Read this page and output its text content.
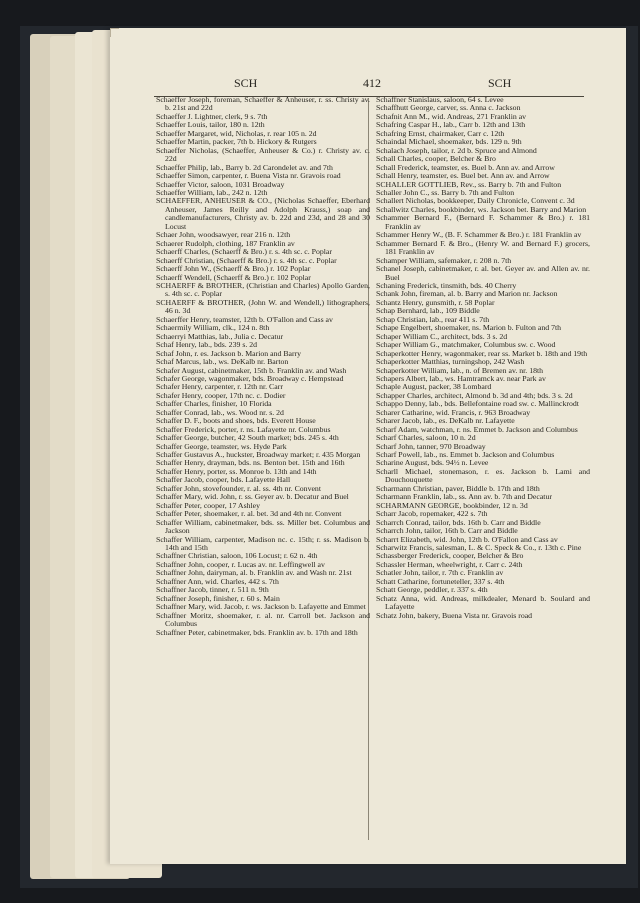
SCH	412	SCH
Schaeffer Joseph, foreman, Schaeffer & Anheuser, r. ss. Christy av. b. 21st and 22d
Schaeffer J. Lightner, clerk, 9 s. 7th
Schaeffer Louis, tailor, 180 n. 12th
Schaeffer Margaret, wid, Nicholas, r. rear 105 n. 2d
Schaeffer Martin, packer, 7th b. Hickory & Rutgers
Schaeffer Nicholas, (Schaeffer, Anheuser & Co.) r. Christy av. c. 22d
Schaeffer Philip, lab., Barry b. 2d Carondelet av. and 7th
Schaeffer Simon, carpenter, r. Buena Vista nr. Gravois road
Schaeffer Victor, saloon, 1031 Broadway
Schaeffer William, lab., 242 n. 12th
SCHAEFFER, ANHEUSER & CO., (Nicholas Schaeffer, Eberhard Anheuser, James Reilly and Adolph Krauss,) soap and candlemanufacturers, Christy av. b. 22d and 23d, and 28 and 30 Locust
Schaer John, woodsawyer, rear 216 n. 12th
Schaerer Rudolph, clothing, 187 Franklin av
Schaerff Charles, (Schaerff & Bro.) r. s. 4th sc. c. Poplar
Schaerff Christian, (Schaerff & Bro.) r. s. 4th sc. c. Poplar
Schaerff John W., (Schaerff & Bro.) r. 102 Poplar
Schaerff Wendell, (Schaerff & Bro.) r. 102 Poplar
SCHAERFF & BROTHER, (Christian and Charles) Apollo Garden, s. 4th sc. c. Poplar
SCHAERFF & BROTHER, (John W. and Wendell,) lithographers, 46 n. 3d
Schaerffer Henry, teamster, 12th b. O'Fallon and Cass av
Schaermily William, clk., 124 n. 8th
Schaerryi Matthias, lab., Julia c. Decatur
Schaf Henry, lab., bds. 239 s. 2d
Schaf John, r. es. Jackson b. Marion and Barry
Schaf Marcus, lab., ws. DeKalb nr. Barton
Schafer August, cabinetmaker, 15th b. Franklin av. and Wash
Schafer George, wagonmaker, bds. Broadway c. Hempstead
Schafer Henry, carpenter, r. 12th nr. Carr
Schafer Henry, cooper, 17th nc. c. Dodier
Schaffer Charles, finisher, 10 Florida
Schaffer Conrad, lab., ws. Wood nr. s. 2d
Schaffer D. F., boots and shoes, bds. Everett House
Schaffer Frederick, porter, r. ns. Lafayette nr. Columbus
Schaffer George, butcher, 42 South market; bds. 245 s. 4th
Schaffer George, teamster, ws. Hyde Park
Schaffer Gustavus A., huckster, Broadway market; r. 435 Morgan
Schaffer Henry, drayman, bds. ns. Benton bet. 15th and 16th
Schaffer Henry, porter, ss. Monroe b. 13th and 14th
Schaffer Jacob, cooper, bds. Lafayette Hall
Schaffer John, stovefounder, r. al. ss. 4th nr. Convent
Schaffer Mary, wid. John, r. ss. Geyer av. b. Decatur and Buel
Schaffer Peter, cooper, 17 Ashley
Schaffer Peter, shoemaker, r. al. bet. 3d and 4th nr. Convent
Schaffer William, cabinetmaker, bds. ss. Miller bet. Columbus and Jackson
Schaffer William, carpenter, Madison nc. c. 15th; r. ss. Madison b. 14th and 15th
Schaffner Christian, saloon, 106 Locust; r. 62 n. 4th
Schaffner John, cooper, r. Lucas av. nr. Leffingwell av
Schaffner John, dairyman, al. b. Franklin av. and Wash nr. 21st
Schaffner Ann, wid. Charles, 442 s. 7th
Schaffner Jacob, tinner, r. 511 n. 9th
Schaffner Joseph, finisher, r. 60 s. Main
Schaffner Mary, wid. Jacob, r. ws. Jackson b. Lafayette and Emmet
Schaffner Moritz, shoemaker, r. al. nr. Carroll bet. Jackson and Columbus
Schaffner Peter, cabinetmaker, bds. Franklin av. b. 17th and 18th
Schaffner Stanislaus, saloon, 64 s. Levee
Schaffhutt George, carver, ss. Anna c. Jackson
Schafnit Ann M., wid. Andreas, 271 Franklin av
Schafring Caspar H., lab., Carr b. 12th and 13th
Schafring Ernst, chairmaker, Carr c. 12th
Schaindal Michael, shoemaker, bds. 129 n. 9th
Schalach Joseph, tailor, r. 2d b. Spruce and Almond
Schall Charles, cooper, Belcher & Bro
Schall Frederick, teamster, es. Buel b. Ann av. and Arrow
Schall Henry, teamster, es. Buel bet. Ann av. and Arrow
SCHALLER GOTTLIEB, Rev., ss. Barry b. 7th and Fulton
Schaller John C., ss. Barry b. 7th and Fulton
Schallert Nicholas, bookkeeper, Daily Chronicle, Convent c. 3d
Schallwitz Charles, bookbinder, ws. Jackson bet. Barry and Marion
Schammer Bernard F., (Bernard F. Schammer & Bro.) r. 181 Franklin av
Schammer Henry W., (B. F. Schammer & Bro.) r. 181 Franklin av
Schammer Bernard F. & Bro., (Henry W. and Bernard F.) grocers, 181 Franklin av
Schamper William, safemaker, r. 208 n. 7th
Schanel Joseph, cabinetmaker, r. al. bet. Geyer av. and Allen av. nr. Buel
Schaning Frederick, tinsmith, bds. 40 Cherry
Schank John, fireman, al. b. Barry and Marion nr. Jackson
Schantz Henry, gunsmith, r. 58 Poplar
Schap Bernhard, lab., 109 Biddle
Schap Christian, lab., rear 411 s. 7th
Schape Engelbert, shoemaker, ns. Marion b. Fulton and 7th
Schaper William C., architect, bds. 3 s. 2d
Schaper William G., matchmaker, Columbus sw. c. Wood
Schaperkotter Henry, wagonmaker, rear ss. Market b. 18th and 19th
Schaperkotter Matthias, turningshop, 242 Wash
Schaperkotter William, lab., n. of Bremen av. nr. 18th
Schapers Albert, lab., ws. Hamtramck av. near Park av
Schaple August, packer, 38 Lombard
Schapper Charles, architect, Almond b. 3d and 4th; bds. 3 s. 2d
Schappo Denny, lab., bds. Bellefontaine road sw. c. Mallinckrodt
Scharer Catharine, wid. Francis, r. 963 Broadway
Scharer Jacob, lab., es. DeKalb nr. Lafayette
Scharf Adam, watchman, r. ns. Emmet b. Jackson and Columbus
Scharf Charles, saloon, 10 n. 2d
Scharf John, tanner, 970 Broadway
Scharf Powell, lab., ns. Emmet b. Jackson and Columbus
Scharine August, bds. 94½ n. Levee
Scharll Michael, stonemason, r. es. Jackson b. Lami and Douchouquette
Scharmann Christian, paver, Biddle b. 17th and 18th
Scharmann Franklin, lab., ss. Ann av. b. 7th and Decatur
SCHARMANN GEORGE, bookbinder, 12 n. 3d
Scharr Jacob, ropemaker, 422 s. 7th
Scharrch Conrad, tailor, bds. 16th b. Carr and Biddle
Scharrch John, tailor, 16th b. Carr and Biddle
Scharrt Elizabeth, wid. John, 12th b. O'Fallon and Cass av
Scharwitz Francis, salesman, L. & C. Speck & Co., r. 13th c. Pine
Schassberger Frederick, cooper, Belcher & Bro
Schassler Herman, wheelwright, r. Carr c. 24th
Schatler John, tailor, r. 7th c. Franklin av
Schatt Catharine, fortuneteller, 337 s. 4th
Schatt George, peddler, r. 337 s. 4th
Schatz Anna, wid. Andreas, milkdealer, Menard b. Soulard and Lafayette
Schatz John, bakery, Buena Vista nr. Gravois road
